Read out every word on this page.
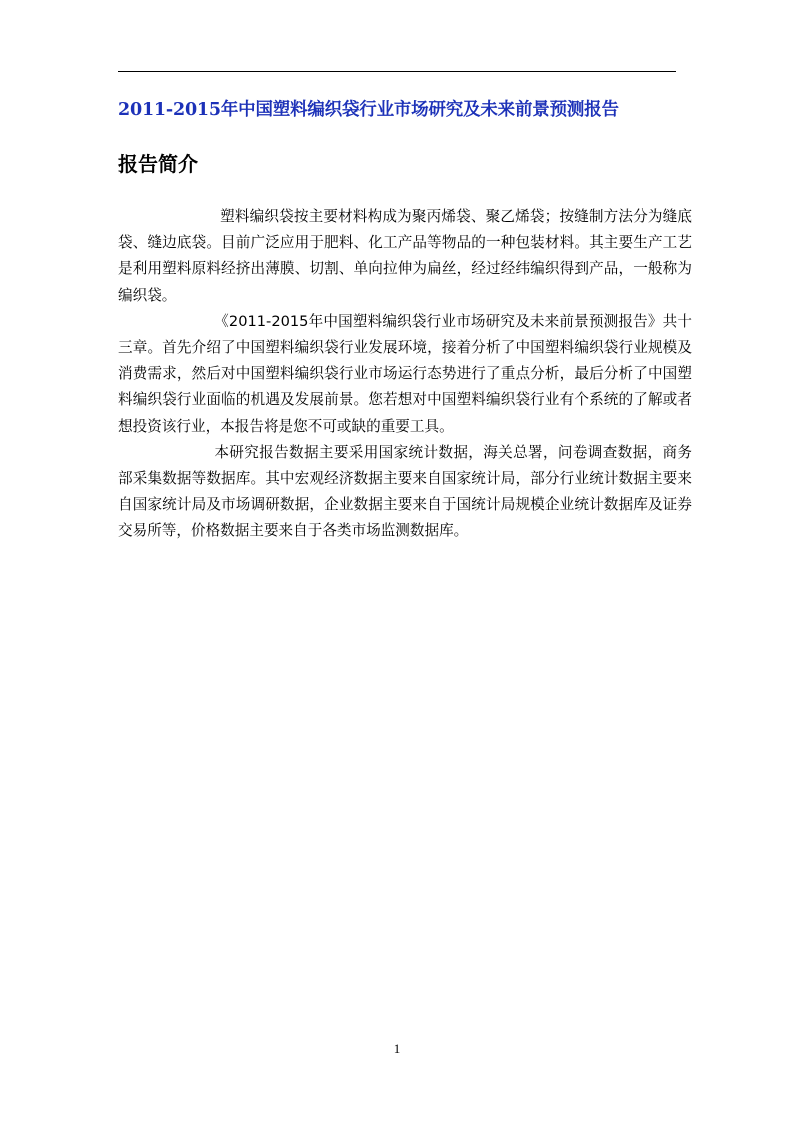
2011-2015年中国塑料编织袋行业市场研究及未来前景预测报告
报告简介

塑料编织袋按主要材料构成为聚丙烯袋、聚乙烯袋；按缝制方法分为缝底袋、缝边底袋。目前广泛应用于肥料、化工产品等物品的一种包装材料。其主要生产工艺是利用塑料原料经挤出薄膜、切割、单向拉伸为扁丝，经过经纬编织得到产品，一般称为编织袋。

《2011-2015年中国塑料编织袋行业市场研究及未来前景预测报告》共十三章。首先介绍了中国塑料编织袋行业发展环境，接着分析了中国塑料编织袋行业规模及消费需求，然后对中国塑料编织袋行业市场运行态势进行了重点分析，最后分析了中国塑料编织袋行业面临的机遇及发展前景。您若想对中国塑料编织袋行业有个系统的了解或者想投资该行业，本报告将是您不可或缺的重要工具。

本研究报告数据主要采用国家统计数据，海关总署，问卷调查数据，商务部采集数据等数据库。其中宏观经济数据主要来自国家统计局，部分行业统计数据主要来自国家统计局及市场调研数据，企业数据主要来自于国统计局规模企业统计数据库及证券交易所等，价格数据主要来自于各类市场监测数据库。

1
